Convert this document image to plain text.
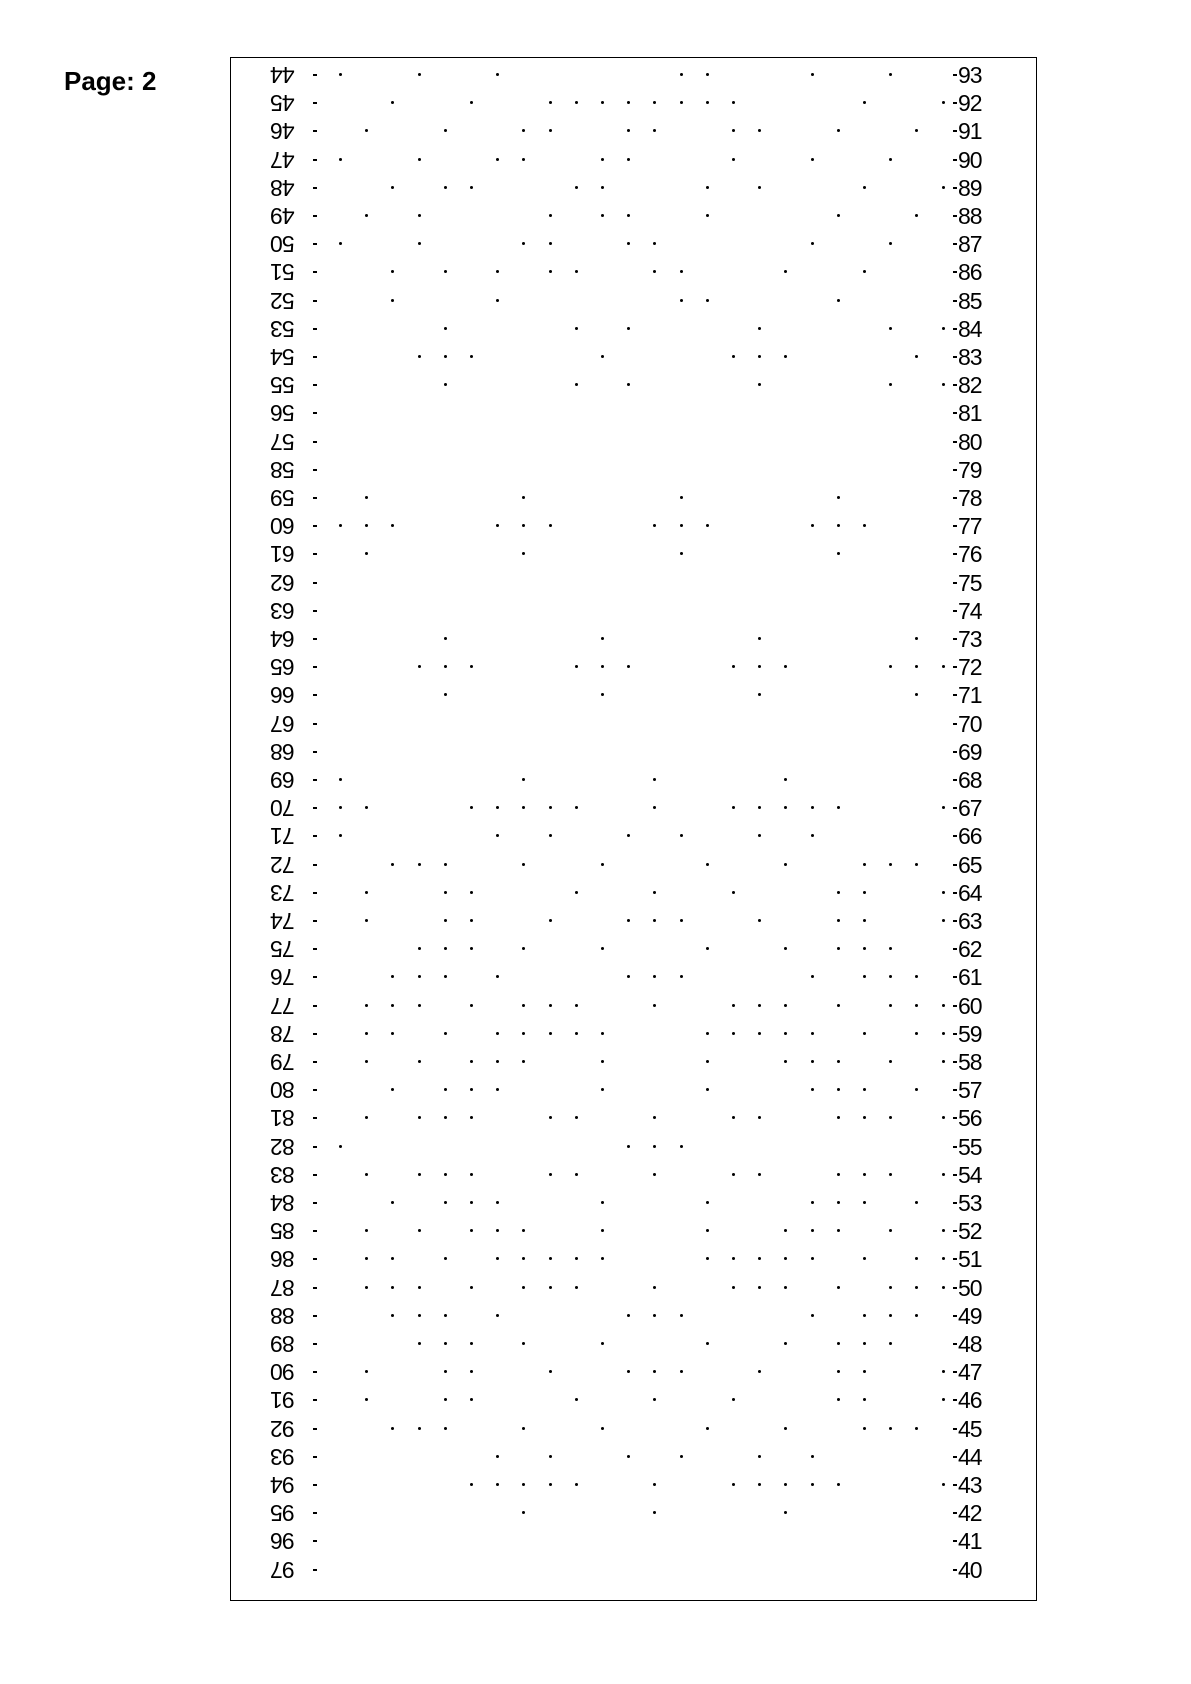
Page: 2	44	93
45	92
46	91
47	90
48	89
49	88
50	87
51	86
52	85
53	84
54	83
55	82
56	81
57	80
58	79
59	78
60	77
61	76
62	75
63	74
64	73
65	72
66	71
67	70
68	69
69	68
70	67
71	66
72	65
73	64
74	63
75	62
76	61
77	60
78	59
79	58
80	57
81	56
82	55
83	54
84	53
85	52
86	51
87	50
88	49
89	48
90	47
91	46
92	45
93	44
94	43
95	42
96	41
97	40
